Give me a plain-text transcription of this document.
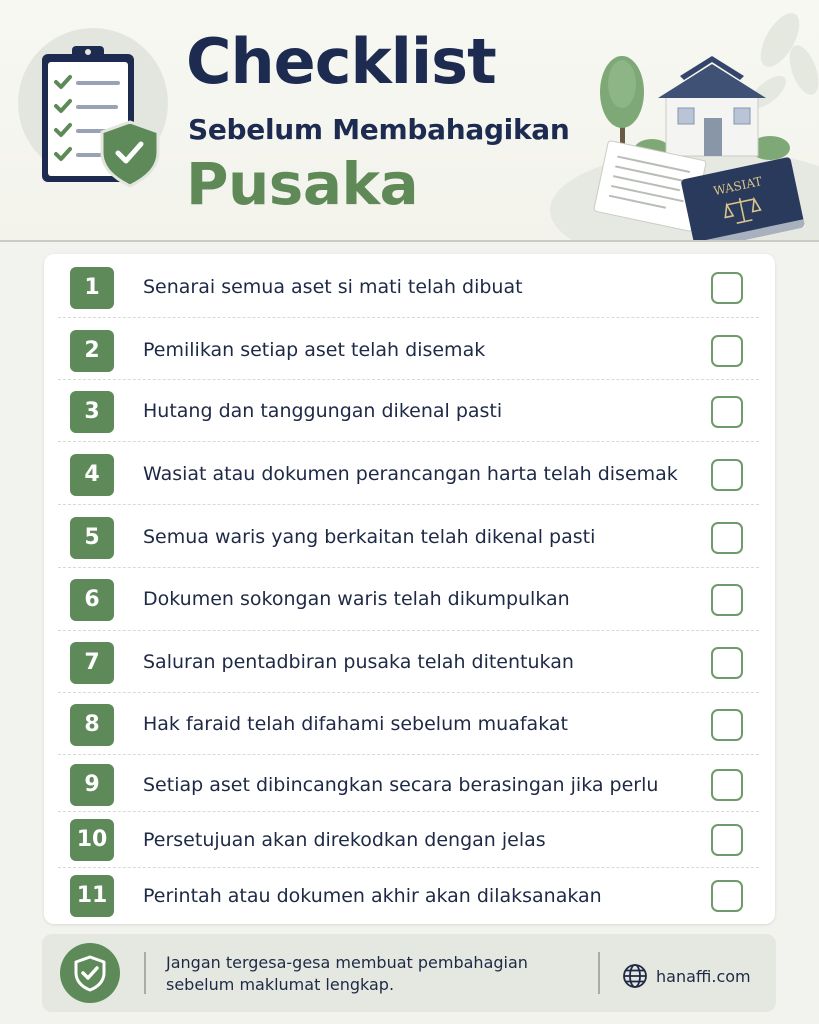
Checklist
Sebelum Membahagikan
Pusaka	WASIAT
1	Senarai semua aset si mati telah dibuat
2	Pemilikan setiap aset telah disemak
3	Hutang dan tanggungan dikenal pasti
4	Wasiat atau dokumen perancangan harta telah disemak
5	Semua waris yang berkaitan telah dikenal pasti
6	Dokumen sokongan waris telah dikumpulkan
7	Saluran pentadbiran pusaka telah ditentukan
8	Hak faraid telah difahami sebelum muafakat
9	Setiap aset dibincangkan secara berasingan jika perlu
10	Persetujuan akan direkodkan dengan jelas
11	Perintah atau dokumen akhir akan dilaksanakan
Jangan tergesa-gesa membuat pembahagian sebelum maklumat lengkap.	hanaffi.com
